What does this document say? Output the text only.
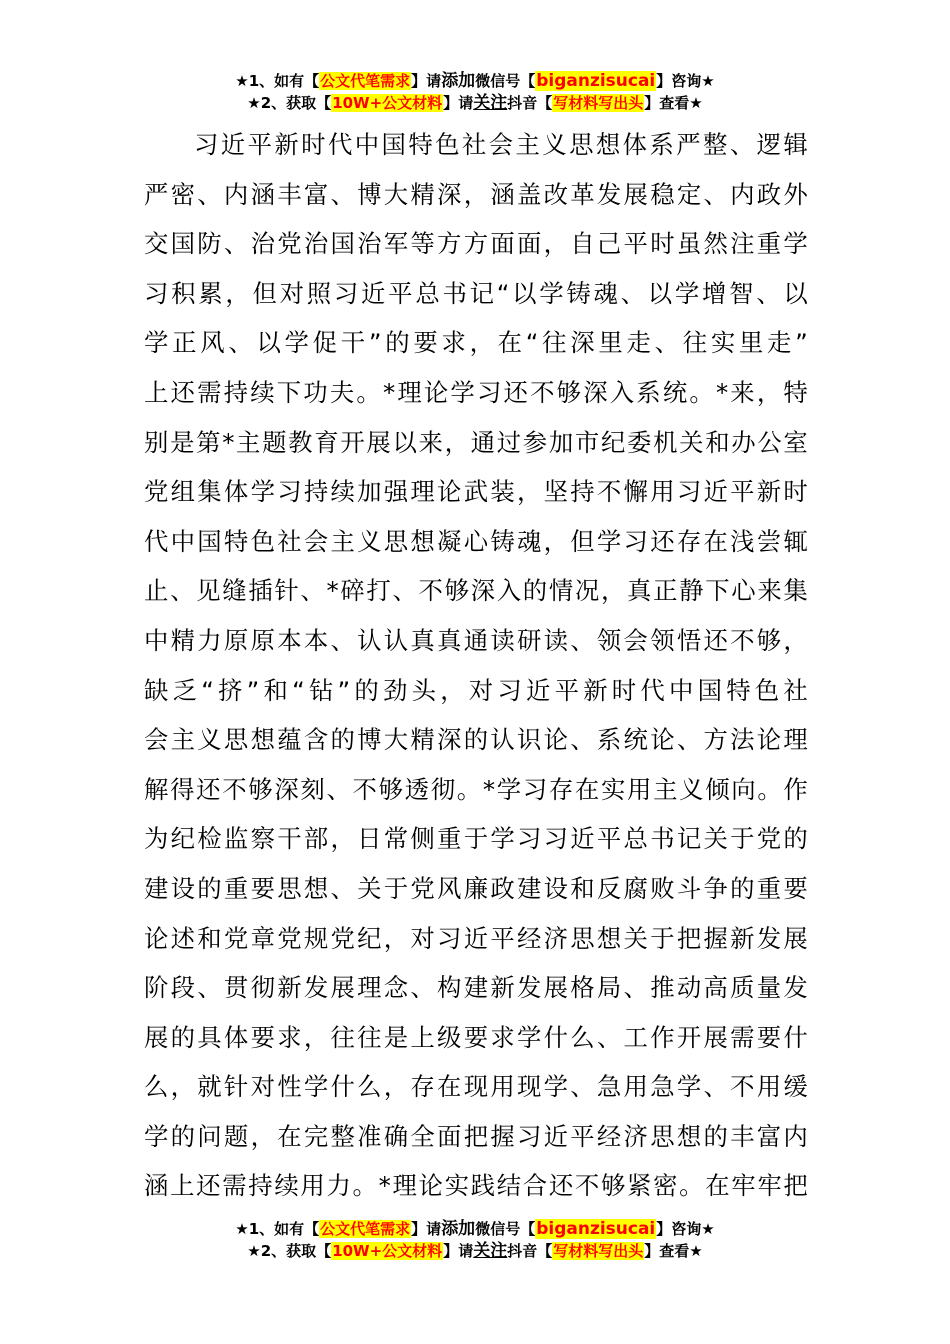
★1、如有【公文代笔需求】请添加微信号【biganzisucai】咨询★
★2、获取【10W+公文材料】请关注抖音【写材料写出头】查看★
习近平新时代中国特色社会主义思想体系严整、逻辑
严密、内涵丰富、博大精深，涵盖改革发展稳定、内政外
交国防、治党治国治军等方方面面，自己平时虽然注重学
习积累，但对照习近平总书记“以学铸魂、以学增智、以
学正风、以学促干”的要求，在“往深里走、往实里走”
上还需持续下功夫。*理论学习还不够深入系统。*来，特
别是第*主题教育开展以来，通过参加市纪委机关和办公室
党组集体学习持续加强理论武装，坚持不懈用习近平新时
代中国特色社会主义思想凝心铸魂，但学习还存在浅尝辄
止、见缝插针、*碎打、不够深入的情况，真正静下心来集
中精力原原本本、认认真真通读研读、领会领悟还不够，
缺乏“挤”和“钻”的劲头，对习近平新时代中国特色社
会主义思想蕴含的博大精深的认识论、系统论、方法论理
解得还不够深刻、不够透彻。*学习存在实用主义倾向。作
为纪检监察干部，日常侧重于学习习近平总书记关于党的
建设的重要思想、关于党风廉政建设和反腐败斗争的重要
论述和党章党规党纪，对习近平经济思想关于把握新发展
阶段、贯彻新发展理念、构建新发展格局、推动高质量发
展的具体要求，往往是上级要求学什么、工作开展需要什
么，就针对性学什么，存在现用现学、急用急学、不用缓
学的问题，在完整准确全面把握习近平经济思想的丰富内
涵上还需持续用力。*理论实践结合还不够紧密。在牢牢把
★1、如有【公文代笔需求】请添加微信号【biganzisucai】咨询★
★2、获取【10W+公文材料】请关注抖音【写材料写出头】查看★
